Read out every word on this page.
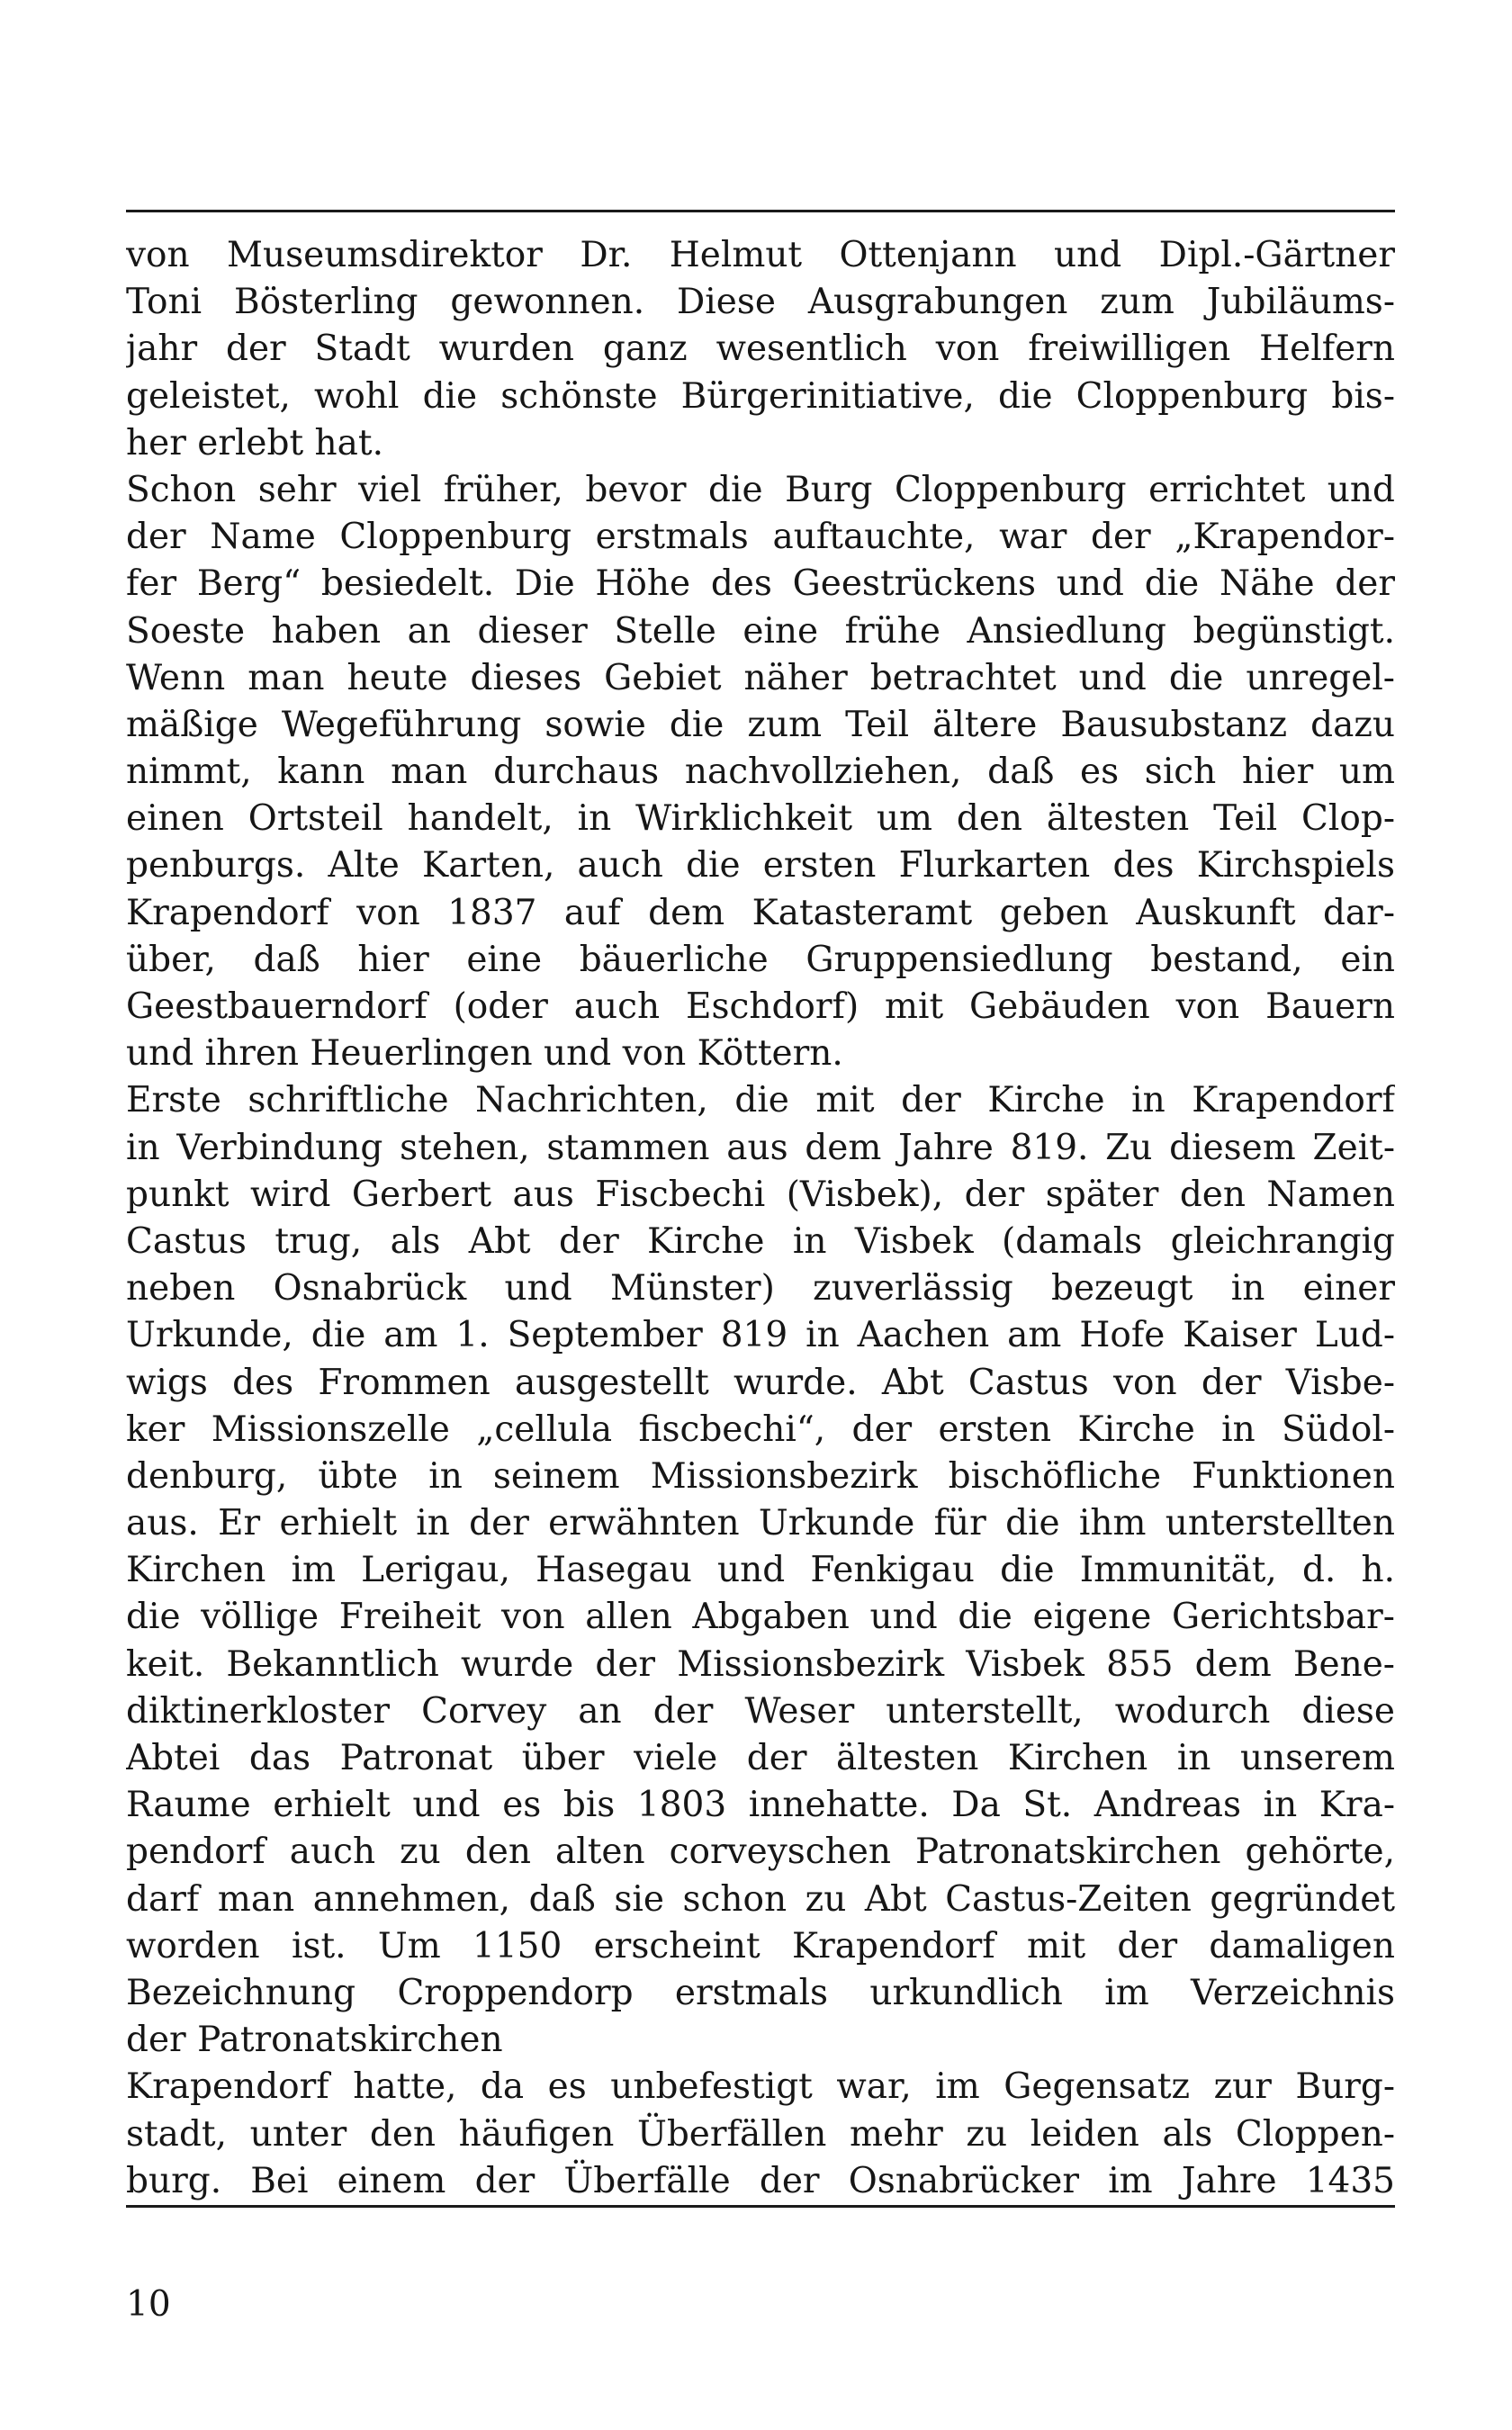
von Museumsdirektor Dr. Helmut Ottenjann und Dipl.-Gärtner
Toni Bösterling gewonnen. Diese Ausgrabungen zum Jubiläums-
jahr der Stadt wurden ganz wesentlich von freiwilligen Helfern
geleistet, wohl die schönste Bürgerinitiative, die Cloppenburg bis-
her erlebt hat.
Schon sehr viel früher, bevor die Burg Cloppenburg errichtet und
der Name Cloppenburg erstmals auftauchte, war der „Krapendor-
fer Berg“ besiedelt. Die Höhe des Geestrückens und die Nähe der
Soeste haben an dieser Stelle eine frühe Ansiedlung begünstigt.
Wenn man heute dieses Gebiet näher betrachtet und die unregel-
mäßige Wegeführung sowie die zum Teil ältere Bausubstanz dazu
nimmt, kann man durchaus nachvollziehen, daß es sich hier um
einen Ortsteil handelt, in Wirklichkeit um den ältesten Teil Clop-
penburgs. Alte Karten, auch die ersten Flurkarten des Kirchspiels
Krapendorf von 1837 auf dem Katasteramt geben Auskunft dar-
über, daß hier eine bäuerliche Gruppensiedlung bestand, ein
Geestbauerndorf (oder auch Eschdorf) mit Gebäuden von Bauern
und ihren Heuerlingen und von Köttern.
Erste schriftliche Nachrichten, die mit der Kirche in Krapendorf
in Verbindung stehen, stammen aus dem Jahre 819. Zu diesem Zeit-
punkt wird Gerbert aus Fiscbechi (Visbek), der später den Namen
Castus trug, als Abt der Kirche in Visbek (damals gleichrangig
neben Osnabrück und Münster) zuverlässig bezeugt in einer
Urkunde, die am 1. September 819 in Aachen am Hofe Kaiser Lud-
wigs des Frommen ausgestellt wurde. Abt Castus von der Visbe-
ker Missionszelle „cellula fiscbechi“, der ersten Kirche in Südol-
denburg, übte in seinem Missionsbezirk bischöfliche Funktionen
aus. Er erhielt in der erwähnten Urkunde für die ihm unterstellten
Kirchen im Lerigau, Hasegau und Fenkigau die Immunität, d. h.
die völlige Freiheit von allen Abgaben und die eigene Gerichtsbar-
keit. Bekanntlich wurde der Missionsbezirk Visbek 855 dem Bene-
diktinerkloster Corvey an der Weser unterstellt, wodurch diese
Abtei das Patronat über viele der ältesten Kirchen in unserem
Raume erhielt und es bis 1803 innehatte. Da St. Andreas in Kra-
pendorf auch zu den alten corveyschen Patronatskirchen gehörte,
darf man annehmen, daß sie schon zu Abt Castus-Zeiten gegründet
worden ist. Um 1150 erscheint Krapendorf mit der damaligen
Bezeichnung Croppendorp erstmals urkundlich im Verzeichnis
der Patronatskirchen
Krapendorf hatte, da es unbefestigt war, im Gegensatz zur Burg-
stadt, unter den häufigen Überfällen mehr zu leiden als Cloppen-
burg. Bei einem der Überfälle der Osnabrücker im Jahre 1435
10
